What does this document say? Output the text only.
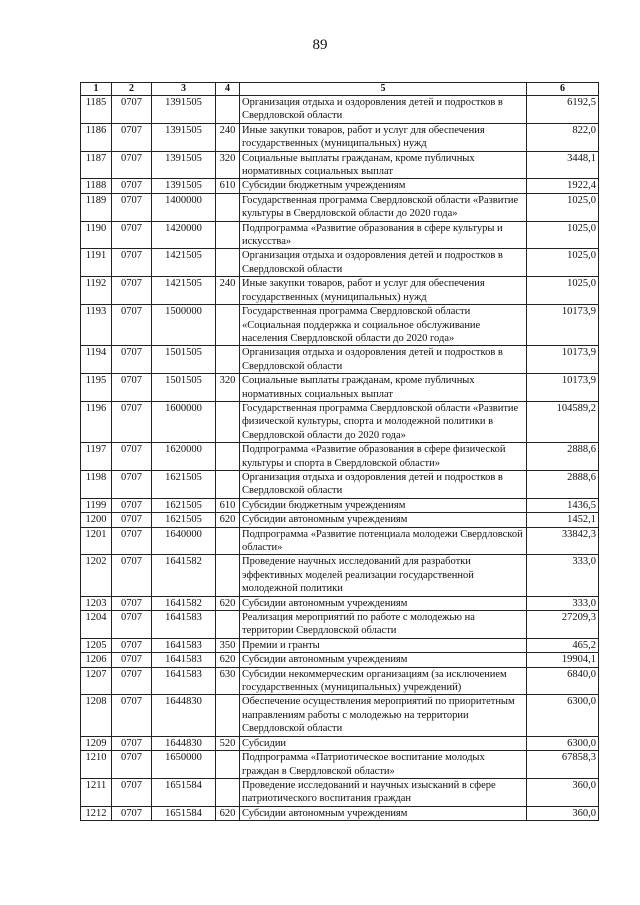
89
1	2	3	4	5	6
1185	0707	1391505		Организация отдыха и оздоровления детей и подростков в Свердловской области	6192,5
1186	0707	1391505	240	Иные закупки товаров, работ и услуг для обеспечения государственных (муниципальных) нужд	822,0
1187	0707	1391505	320	Социальные выплаты гражданам, кроме публичных нормативных социальных выплат	3448,1
1188	0707	1391505	610	Субсидии бюджетным учреждениям	1922,4
1189	0707	1400000		Государственная программа Свердловской области «Развитие культуры в Свердловской области до 2020 года»	1025,0
1190	0707	1420000		Подпрограмма «Развитие образования в сфере культуры и искусства»	1025,0
1191	0707	1421505		Организация отдыха и оздоровления детей и подростков в Свердловской области	1025,0
1192	0707	1421505	240	Иные закупки товаров, работ и услуг для обеспечения государственных (муниципальных) нужд	1025,0
1193	0707	1500000		Государственная программа Свердловской области «Социальная поддержка и социальное обслуживание населения Свердловской области до 2020 года»	10173,9
1194	0707	1501505		Организация отдыха и оздоровления детей и подростков в Свердловской области	10173,9
1195	0707	1501505	320	Социальные выплаты гражданам, кроме публичных нормативных социальных выплат	10173,9
1196	0707	1600000		Государственная программа Свердловской области «Развитие физической культуры, спорта и молодежной политики в Свердловской области до 2020 года»	104589,2
1197	0707	1620000		Подпрограмма «Развитие образования в сфере физической культуры и спорта в Свердловской области»	2888,6
1198	0707	1621505		Организация отдыха и оздоровления детей и подростков в Свердловской области	2888,6
1199	0707	1621505	610	Субсидии бюджетным учреждениям	1436,5
1200	0707	1621505	620	Субсидии автономным учреждениям	1452,1
1201	0707	1640000		Подпрограмма «Развитие потенциала молодежи Свердловской области»	33842,3
1202	0707	1641582		Проведение научных исследований для разработки эффективных моделей реализации государственной молодежной политики	333,0
1203	0707	1641582	620	Субсидии автономным учреждениям	333,0
1204	0707	1641583		Реализация мероприятий по работе с молодежью на территории Свердловской области	27209,3
1205	0707	1641583	350	Премии и гранты	465,2
1206	0707	1641583	620	Субсидии автономным учреждениям	19904,1
1207	0707	1641583	630	Субсидии некоммерческим организациям (за исключением государственных (муниципальных) учреждений)	6840,0
1208	0707	1644830		Обеспечение осуществления мероприятий по приоритетным направлениям работы с молодежью на территории Свердловской области	6300,0
1209	0707	1644830	520	Субсидии	6300,0
1210	0707	1650000		Подпрограмма «Патриотическое воспитание молодых граждан в Свердловской области»	67858,3
1211	0707	1651584		Проведение исследований и научных изысканий в сфере патриотического воспитания граждан	360,0
1212	0707	1651584	620	Субсидии автономным учреждениям	360,0
